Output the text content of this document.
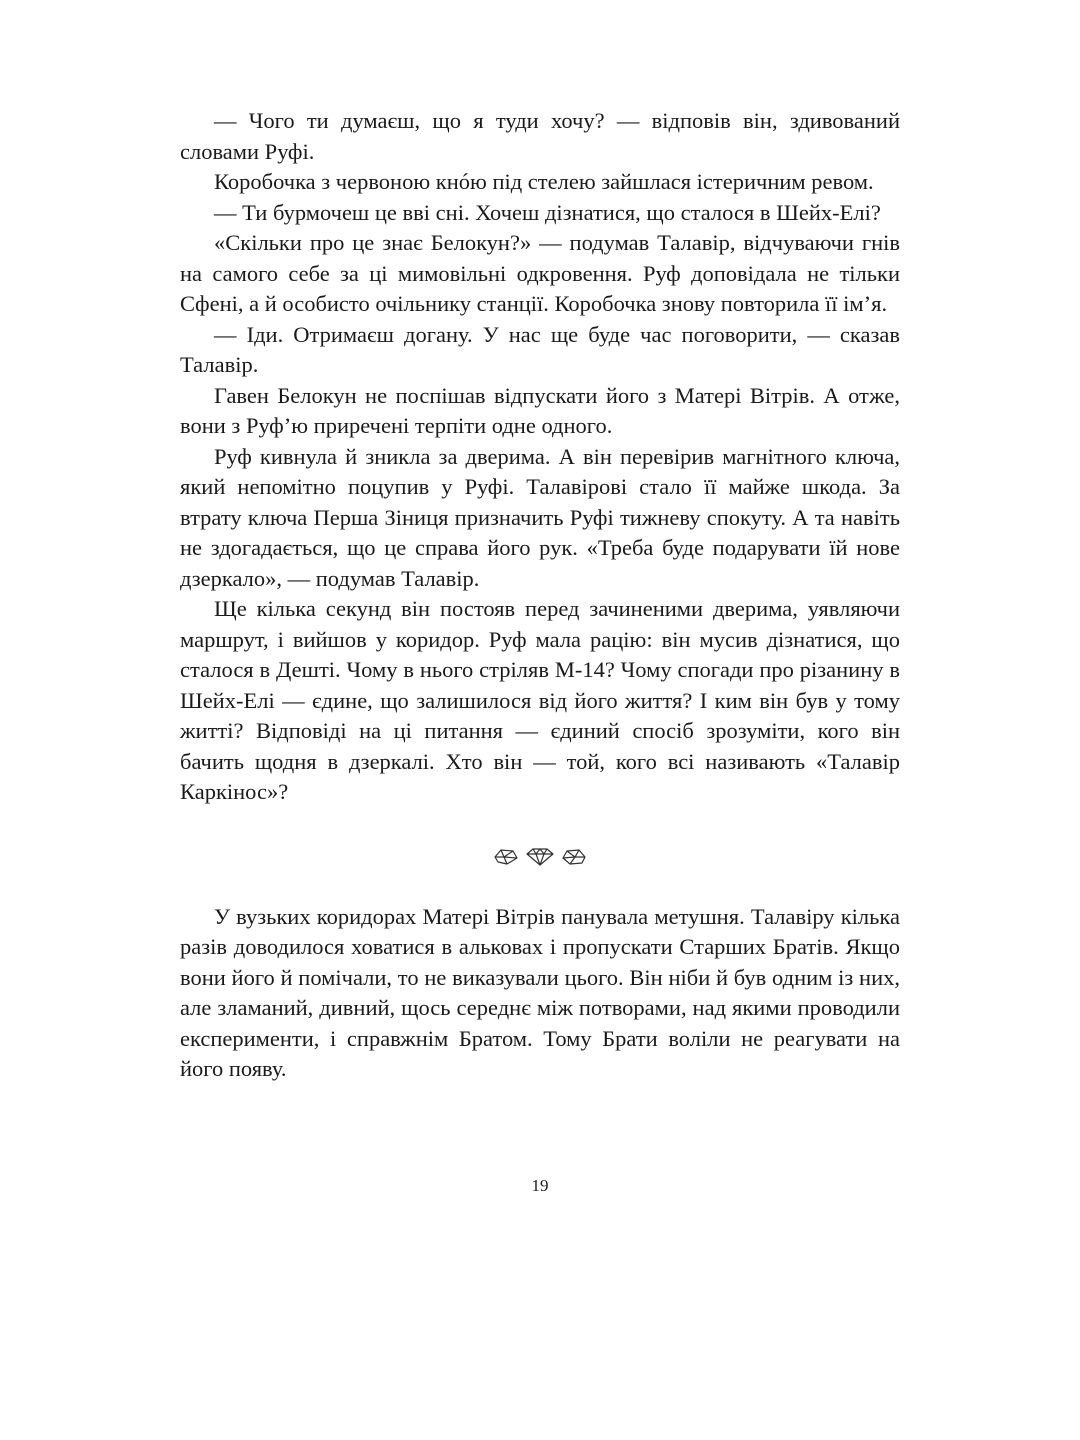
— Чого ти думаєш, що я туди хочу? — відповів він, здивований словами Руфі.

Коробочка з червоною кнóю під стелею зайшлася істеричним ревом.

— Ти бурмочеш це вві сні. Хочеш дізнатися, що сталося в Шейх-Елі?

«Скільки про це знає Белокун?» — подумав Талавір, відчуваючи гнів на самого себе за ці мимовільні одкровення. Руф доповідала не тільки Сфені, а й особисто очільнику станції. Коробочка знову повторила її ім’я.

— Іди. Отримаєш догану. У нас ще буде час поговорити, — сказав Талавір.

Гавен Белокун не поспішав відпускати його з Матері Вітрів. А отже, вони з Руф’ю приречені терпіти одне одного.

Руф кивнула й зникла за дверима. А він перевірив магнітного ключа, який непомітно поцупив у Руфі. Талавірові стало її майже шкода. За втрату ключа Перша Зіниця призначить Руфі тижневу спокуту. А та навіть не здогадається, що це справа його рук. «Треба буде подарувати їй нове дзеркало», — подумав Талавір.

Ще кілька секунд він постояв перед зачиненими дверима, уявляючи маршрут, і вийшов у коридор. Руф мала рацію: він мусив дізнатися, що сталося в Дешті. Чому в нього стріляв М-14? Чому спогади про різанину в Шейх-Елі — єдине, що залишилося від його життя? І ким він був у тому житті? Відповіді на ці питання — єдиний спосіб зрозуміти, кого він бачить щодня в дзеркалі. Хто він — той, кого всі називають «Талавір Каркінос»?

У вузьких коридорах Матері Вітрів панувала метушня. Талавіру кілька разів доводилося ховатися в альковах і пропускати Старших Братів. Якщо вони його й помічали, то не виказували цього. Він ніби й був одним із них, але зламаний, дивний, щось середнє між потворами, над якими проводили експерименти, і справжнім Братом. Тому Брати воліли не реагувати на його появу.

19
